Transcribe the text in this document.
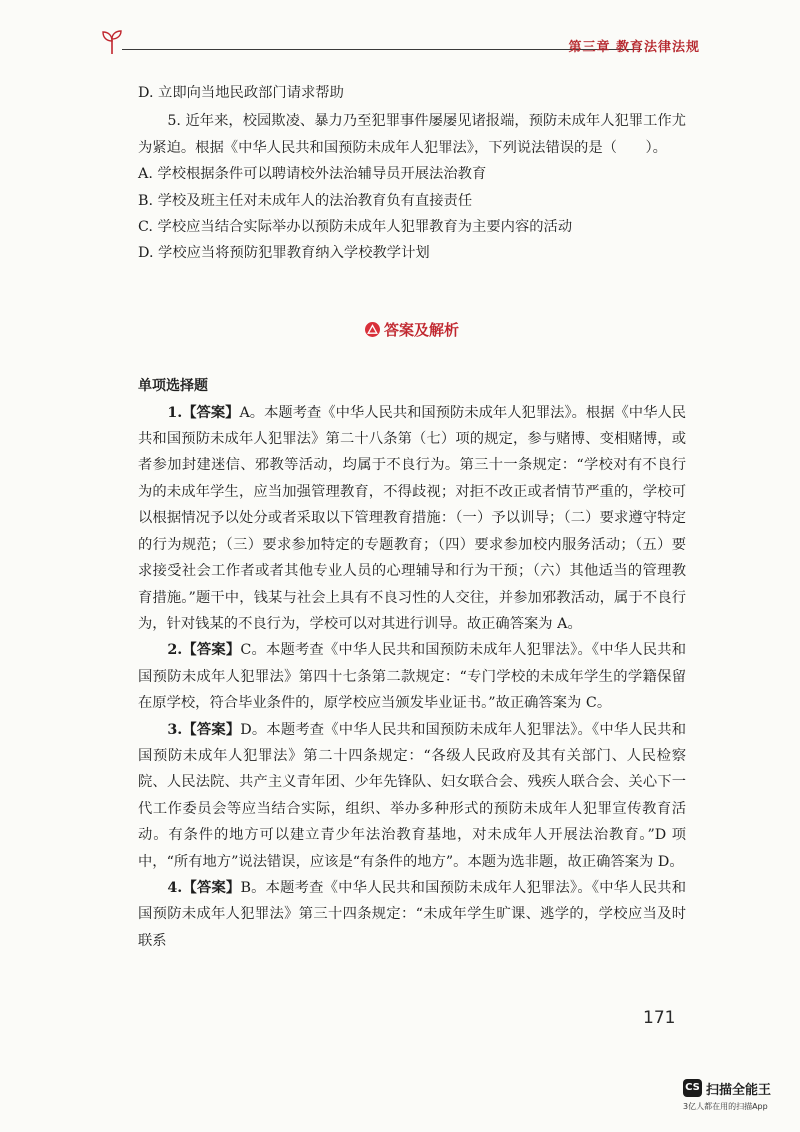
第三章 教育法律法规

D. 立即向当地民政部门请求帮助

5. 近年来，校园欺凌、暴力乃至犯罪事件屡屡见诸报端，预防未成年人犯罪工作尤为紧迫。根据《中华人民共和国预防未成年人犯罪法》，下列说法错误的是（　　）。

A. 学校根据条件可以聘请校外法治辅导员开展法治教育

B. 学校及班主任对未成年人的法治教育负有直接责任

C. 学校应当结合实际举办以预防未成年人犯罪教育为主要内容的活动

D. 学校应当将预防犯罪教育纳入学校教学计划

答案及解析

单项选择题

1.【答案】A。本题考查《中华人民共和国预防未成年人犯罪法》。根据《中华人民共和国预防未成年人犯罪法》第二十八条第（七）项的规定，参与赌博、变相赌博，或者参加封建迷信、邪教等活动，均属于不良行为。第三十一条规定：“学校对有不良行为的未成年学生，应当加强管理教育，不得歧视；对拒不改正或者情节严重的，学校可以根据情况予以处分或者采取以下管理教育措施：（一）予以训导；（二）要求遵守特定的行为规范；（三）要求参加特定的专题教育；（四）要求参加校内服务活动；（五）要求接受社会工作者或者其他专业人员的心理辅导和行为干预；（六）其他适当的管理教育措施。”题干中，钱某与社会上具有不良习性的人交往，并参加邪教活动，属于不良行为，针对钱某的不良行为，学校可以对其进行训导。故正确答案为 A。

2.【答案】C。本题考查《中华人民共和国预防未成年人犯罪法》。《中华人民共和国预防未成年人犯罪法》第四十七条第二款规定：“专门学校的未成年学生的学籍保留在原学校，符合毕业条件的，原学校应当颁发毕业证书。”故正确答案为 C。

3.【答案】D。本题考查《中华人民共和国预防未成年人犯罪法》。《中华人民共和国预防未成年人犯罪法》第二十四条规定：“各级人民政府及其有关部门、人民检察院、人民法院、共产主义青年团、少年先锋队、妇女联合会、残疾人联合会、关心下一代工作委员会等应当结合实际，组织、举办多种形式的预防未成年人犯罪宣传教育活动。有条件的地方可以建立青少年法治教育基地，对未成年人开展法治教育。”D 项中，“所有地方”说法错误，应该是“有条件的地方”。本题为选非题，故正确答案为 D。

4.【答案】B。本题考查《中华人民共和国预防未成年人犯罪法》。《中华人民共和国预防未成年人犯罪法》第三十四条规定：“未成年学生旷课、逃学的，学校应当及时联系

171
CS 扫描全能王
3亿人都在用的扫描App
